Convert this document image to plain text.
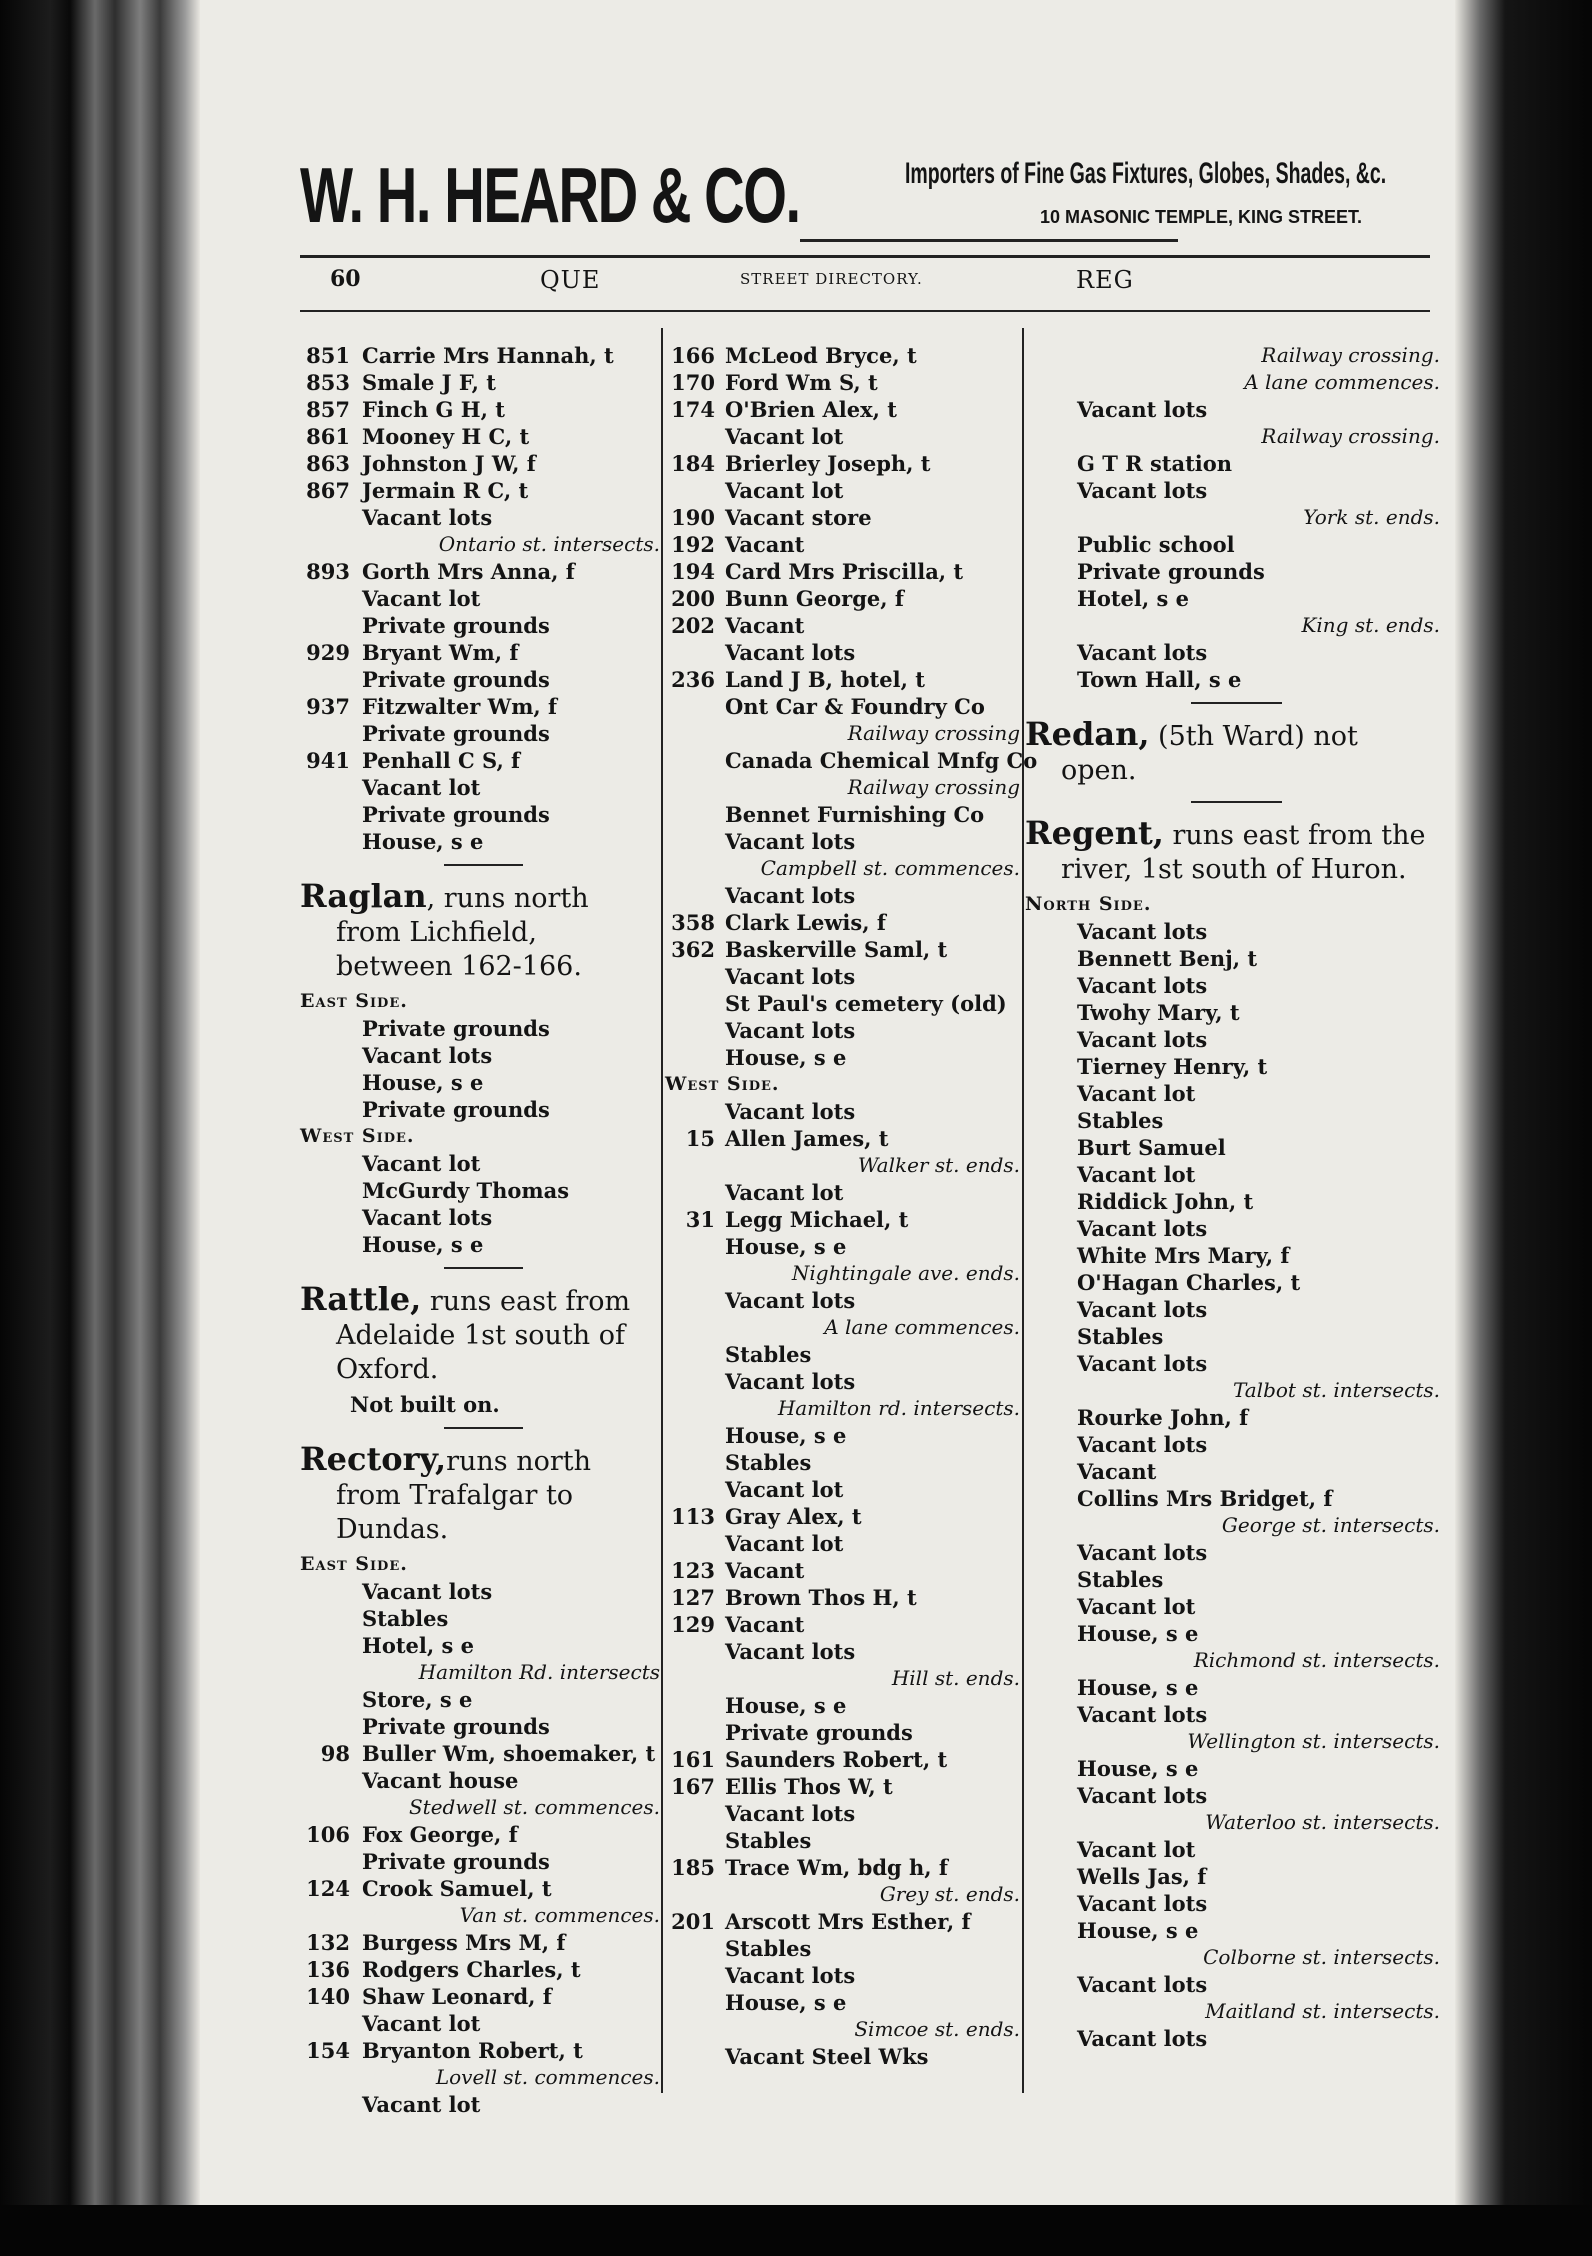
W. H. HEARD & CO.	Importers of Fine Gas Fixtures, Globes, Shades, &c.
10 MASONIC TEMPLE, KING STREET.
60	QUE	STREET DIRECTORY.	REG
851 Carrie Mrs Hannah, t
853 Smale J F, t
857 Finch G H, t
861 Mooney H C, t
863 Johnston J W, f
867 Jermain R C, t
Vacant lots
Ontario st. intersects.
893 Gorth Mrs Anna, f
Vacant lot
Private grounds
929 Bryant Wm, f
Private grounds
937 Fitzwalter Wm, f
Private grounds
941 Penhall C S, f
Vacant lot
Private grounds
House, s e
Raglan, runs north from Lichfield, between 162-166.
East Side.
Private grounds
Vacant lots
House, s e
Private grounds
West Side.
Vacant lot
McGurdy Thomas
Vacant lots
House, s e
Rattle, runs east from Adelaide 1st south of Oxford.
Not built on.
Rectory,runs north from Trafalgar to Dundas.
East Side.
Vacant lots
Stables
Hotel, s e
Hamilton Rd. intersects
Store, s e
Private grounds
98 Buller Wm, shoemaker, t
Vacant house
Stedwell st. commences.
106 Fox George, f
Private grounds
124 Crook Samuel, t
Van st. commences.
132 Burgess Mrs M, f
136 Rodgers Charles, t
140 Shaw Leonard, f
Vacant lot
154 Bryanton Robert, t
Lovell st. commences.
Vacant lot
166 McLeod Bryce, t
170 Ford Wm S, t
174 O'Brien Alex, t
Vacant lot
184 Brierley Joseph, t
Vacant lot
190 Vacant store
192 Vacant
194 Card Mrs Priscilla, t
200 Bunn George, f
202 Vacant
Vacant lots
236 Land J B, hotel, t
Ont Car & Foundry Co
Railway crossing
Canada Chemical Mnfg Co
Railway crossing
Bennet Furnishing Co
Vacant lots
Campbell st. commences.
Vacant lots
358 Clark Lewis, f
362 Baskerville Saml, t
Vacant lots
St Paul's cemetery (old)
Vacant lots
House, s e
West Side.
Vacant lots
15 Allen James, t
Walker st. ends.
Vacant lot
31 Legg Michael, t
House, s e
Nightingale ave. ends.
Vacant lots
A lane commences.
Stables
Vacant lots
Hamilton rd. intersects.
House, s e
Stables
Vacant lot
113 Gray Alex, t
Vacant lot
123 Vacant
127 Brown Thos H, t
129 Vacant
Vacant lots
Hill st. ends.
House, s e
Private grounds
161 Saunders Robert, t
167 Ellis Thos W, t
Vacant lots
Stables
185 Trace Wm, bdg h, f
Grey st. ends.
201 Arscott Mrs Esther, f
Stables
Vacant lots
House, s e
Simcoe st. ends.
Vacant Steel Wks
Railway crossing.
A lane commences.
Vacant lots
Railway crossing.
G T R station
Vacant lots
York st. ends.
Public school
Private grounds
Hotel, s e
King st. ends.
Vacant lots
Town Hall, s e
Redan, (5th Ward) not open.
Regent, runs east from the river, 1st south of Huron.
North Side.
Vacant lots
Bennett Benj, t
Vacant lots
Twohy Mary, t
Vacant lots
Tierney Henry, t
Vacant lot
Stables
Burt Samuel
Vacant lot
Riddick John, t
Vacant lots
White Mrs Mary, f
O'Hagan Charles, t
Vacant lots
Stables
Vacant lots
Talbot st. intersects.
Rourke John, f
Vacant lots
Vacant
Collins Mrs Bridget, f
George st. intersects.
Vacant lots
Stables
Vacant lot
House, s e
Richmond st. intersects.
House, s e
Vacant lots
Wellington st. intersects.
House, s e
Vacant lots
Waterloo st. intersects.
Vacant lot
Wells Jas, f
Vacant lots
House, s e
Colborne st. intersects.
Vacant lots
Maitland st. intersects.
Vacant lots
